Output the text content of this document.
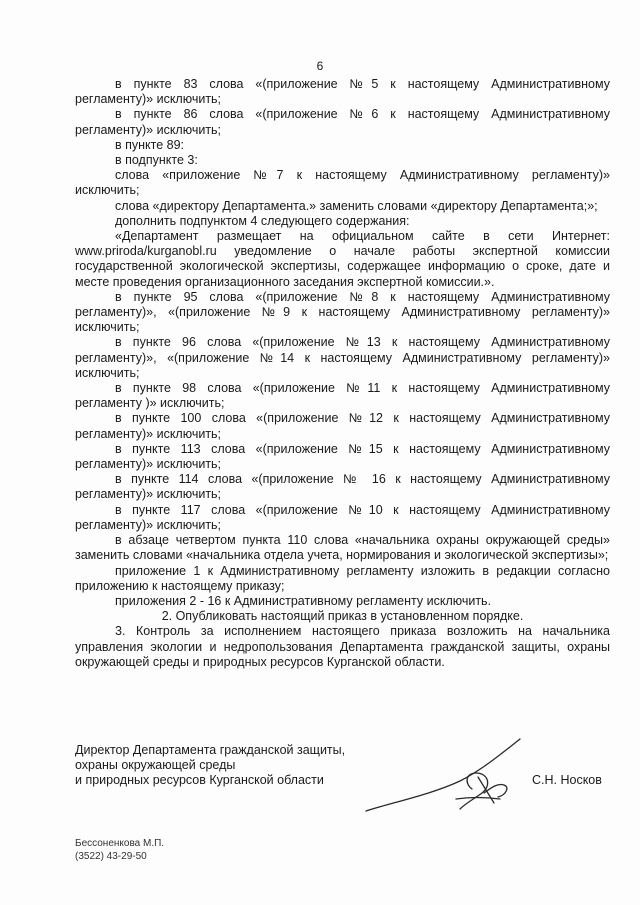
6

в пункте 83 слова «(приложение №5 к настоящему Административному регламенту)» исключить;

в пункте 86 слова «(приложение №6 к настоящему Административному регламенту)» исключить;

в пункте 89:

в подпункте 3:

слова «приложение №7 к настоящему Административному регламенту)» исключить;

слова «директору Департамента.» заменить словами «директору Департамента;»;

дополнить подпунктом 4 следующего содержания:

«Департамент размещает на официальном сайте в сети Интернет: www.priroda/kurganobl.ru уведомление о начале работы экспертной комиссии государственной экологической экспертизы, содержащее информацию о сроке, дате и месте проведения организационного заседания экспертной комиссии.».

в пункте 95 слова «(приложение №8 к настоящему Административному регламенту)», «(приложение №9 к настоящему Административному регламенту)» исключить;

в пункте 96 слова «(приложение №13 к настоящему Административному регламенту)», «(приложение №14 к настоящему Административному регламенту)» исключить;

в пункте 98 слова «(приложение №11 к настоящему Административному регламенту )» исключить;

в пункте 100 слова «(приложение №12 к настоящему Административному регламенту)» исключить;

в пункте 113 слова «(приложение №15 к настоящему Административному регламенту)» исключить;

в пункте 114 слова «(приложение № 16 к настоящему Административному регламенту)» исключить;

в пункте 117 слова «(приложение №10 к настоящему Административному регламенту)» исключить;

в абзаце четвертом пункта 110 слова «начальника охраны окружающей среды» заменить словами «начальника отдела учета, нормирования и экологической экспертизы»;

приложение 1 к Административному регламенту изложить в редакции согласно приложению к настоящему приказу;

приложения 2 - 16 к Административному регламенту исключить.

2. Опубликовать настоящий приказ в установленном порядке.

3. Контроль за исполнением настоящего приказа возложить на начальника управления экологии и недропользования Департамента гражданской защиты, охраны окружающей среды и природных ресурсов Курганской области.

Директор Департамента гражданской защиты,
охраны окружающей среды
и природных ресурсов Курганской области	С.Н. Носков
Бессоненкова М.П.
(3522) 43-29-50
